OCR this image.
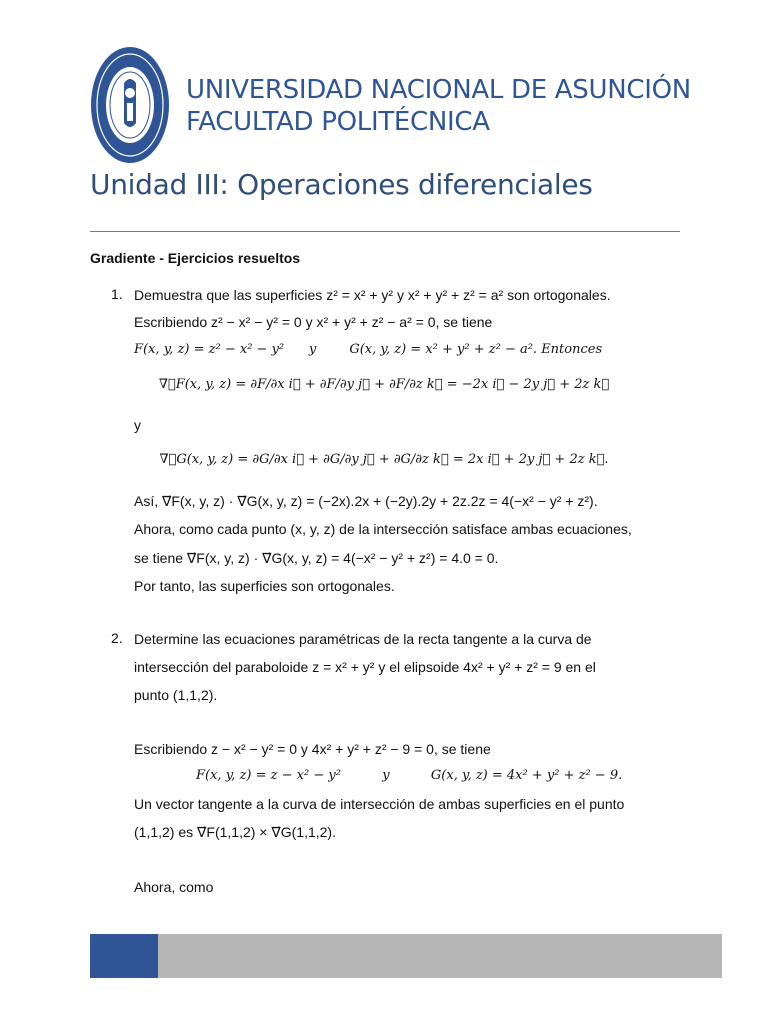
UNIVERSIDAD NACIONAL DE ASUNCIÓN
FACULTAD POLITÉCNICA
Unidad III: Operaciones diferenciales
Gradiente - Ejercicios resueltos
1. Demuestra que las superficies z² = x² + y² y x² + y² + z² = a² son ortogonales.
Escribiendo z² − x² − y² = 0 y x² + y² + z² − a² = 0, se tiene
F(x, y, z) = z² − x² − y²      y        G(x, y, z) = x² + y² + z² − a². Entonces
∇⃗F(x, y, z) = ∂F/∂x i⃗ + ∂F/∂y j⃗ + ∂F/∂z k⃗ = −2x i⃗ − 2y j⃗ + 2z k⃗
y
∇⃗G(x, y, z) = ∂G/∂x i⃗ + ∂G/∂y j⃗ + ∂G/∂z k⃗ = 2x i⃗ + 2y j⃗ + 2z k⃗.
Así, ∇⃗F(x, y, z) · ∇⃗G(x, y, z) = (−2x).2x + (−2y).2y + 2z.2z = 4(−x² − y² + z²).
Ahora, como cada punto (x, y, z) de la intersección satisface ambas ecuaciones,
se tiene ∇⃗F(x, y, z) · ∇⃗G(x, y, z) = 4(−x² − y² + z²) = 4.0 = 0.
Por tanto, las superficies son ortogonales.
2. Determine las ecuaciones paramétricas de la recta tangente a la curva de
intersección del paraboloide z = x² + y² y el elipsoide 4x² + y² + z² = 9 en el
punto (1,1,2).
Escribiendo z − x² − y² = 0 y 4x² + y² + z² − 9 = 0, se tiene
F(x, y, z) = z − x² − y²          y          G(x, y, z) = 4x² + y² + z² − 9.
Un vector tangente a la curva de intersección de ambas superficies en el punto
(1,1,2) es ∇⃗F(1,1,2) × ∇⃗G(1,1,2).
Ahora, como
